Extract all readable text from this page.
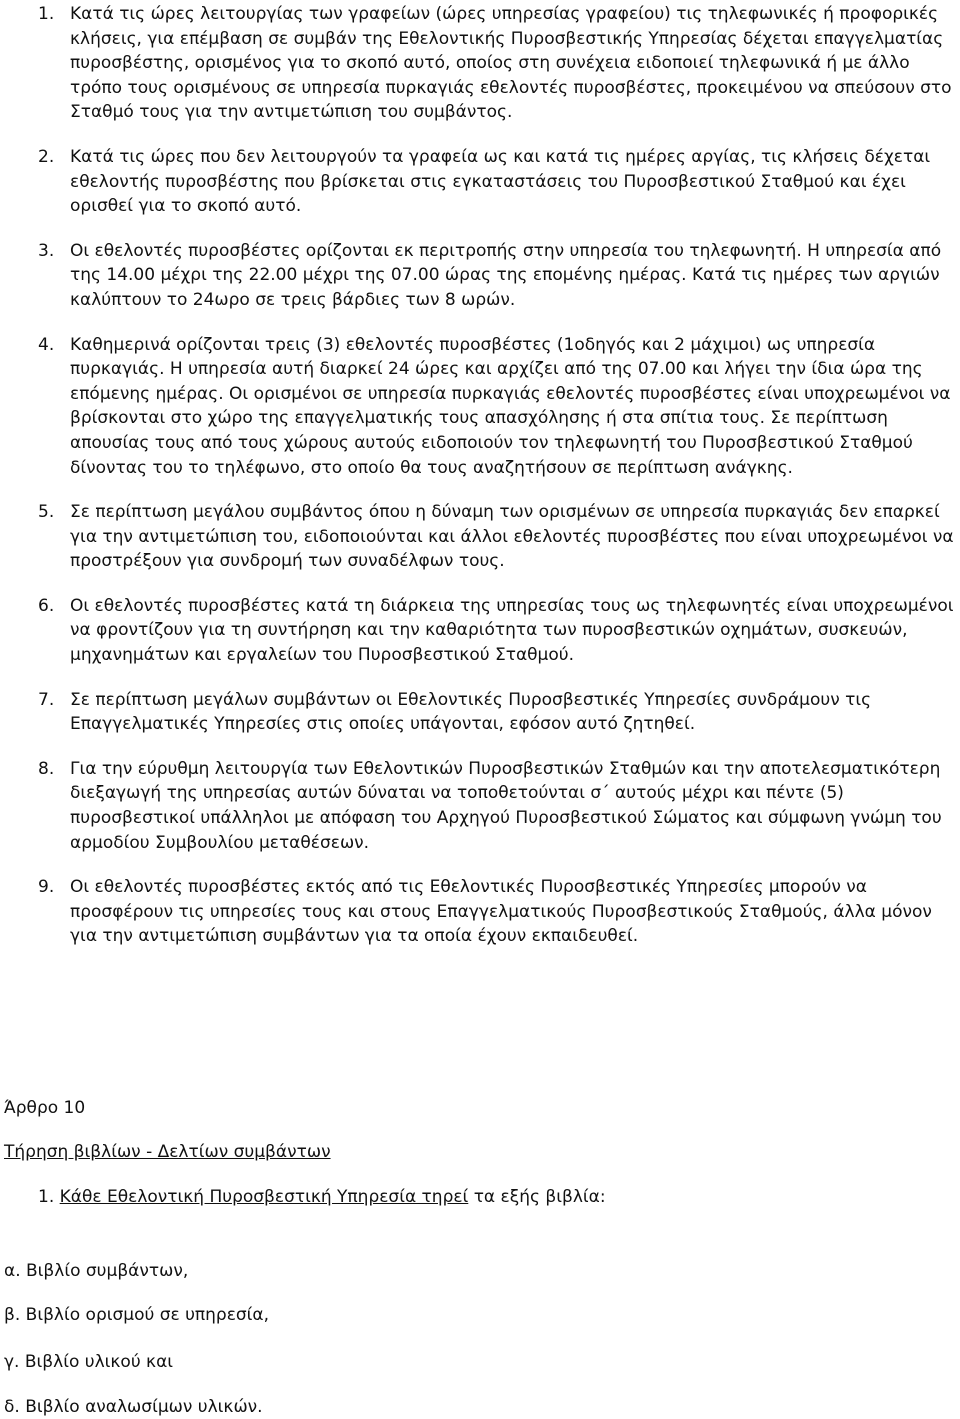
1. Κατά τις ώρες λειτουργίας των γραφείων (ώρες υπηρεσίας γραφείου) τις τηλεφωνικές ή προφορικές κλήσεις, για επέμβαση σε συμβάν της Εθελοντικής Πυροσβεστικής Υπηρεσίας δέχεται επαγγελματίας πυροσβέστης, ορισμένος για το σκοπό αυτό, οποίος στη συνέχεια ειδοποιεί τηλεφωνικά ή με άλλο τρόπο τους ορισμένους σε υπηρεσία πυρκαγιάς εθελοντές πυροσβέστες, προκειμένου να σπεύσουν στο Σταθμό τους για την αντιμετώπιση του συμβάντος.
2. Κατά τις ώρες που δεν λειτουργούν τα γραφεία ως και κατά τις ημέρες αργίας, τις κλήσεις δέχεται εθελοντής πυροσβέστης που βρίσκεται στις εγκαταστάσεις του Πυροσβεστικού Σταθμού και έχει ορισθεί για το σκοπό αυτό.
3. Οι εθελοντές πυροσβέστες ορίζονται εκ περιτροπής στην υπηρεσία του τηλεφωνητή. Η υπηρεσία από της 14.00 μέχρι της 22.00 μέχρι της 07.00 ώρας της επομένης ημέρας. Κατά τις ημέρες των αργιών καλύπτουν το 24ωρο σε τρεις βάρδιες των 8 ωρών.
4. Καθημερινά ορίζονται τρεις (3) εθελοντές πυροσβέστες (1οδηγός και 2 μάχιμοι) ως υπηρεσία πυρκαγιάς. Η υπηρεσία αυτή διαρκεί 24 ώρες και αρχίζει από της 07.00 και λήγει την ίδια ώρα της επόμενης ημέρας. Οι ορισμένοι σε υπηρεσία πυρκαγιάς εθελοντές πυροσβέστες είναι υποχρεωμένοι να βρίσκονται στο χώρο της επαγγελματικής τους απασχόλησης ή στα σπίτια τους. Σε περίπτωση απουσίας τους από τους χώρους αυτούς ειδοποιούν τον τηλεφωνητή του Πυροσβεστικού Σταθμού δίνοντας του το τηλέφωνο, στο οποίο θα τους αναζητήσουν σε περίπτωση ανάγκης.
5. Σε περίπτωση μεγάλου συμβάντος όπου η δύναμη των ορισμένων σε υπηρεσία πυρκαγιάς δεν επαρκεί για την αντιμετώπιση του, ειδοποιούνται και άλλοι εθελοντές πυροσβέστες που είναι υποχρεωμένοι να προστρέξουν για συνδρομή των συναδέλφων τους.
6. Οι εθελοντές πυροσβέστες κατά τη διάρκεια της υπηρεσίας τους ως τηλεφωνητές είναι υποχρεωμένοι να φροντίζουν για τη συντήρηση και την καθαριότητα των πυροσβεστικών οχημάτων, συσκευών, μηχανημάτων και εργαλείων του Πυροσβεστικού Σταθμού.
7. Σε περίπτωση μεγάλων συμβάντων οι Εθελοντικές Πυροσβεστικές Υπηρεσίες συνδράμουν τις Επαγγελματικές Υπηρεσίες στις οποίες υπάγονται, εφόσον αυτό ζητηθεί.
8. Για την εύρυθμη λειτουργία των Εθελοντικών Πυροσβεστικών Σταθμών και την αποτελεσματικότερη διεξαγωγή της υπηρεσίας αυτών δύναται να τοποθετούνται σ΄ αυτούς μέχρι και πέντε (5) πυροσβεστικοί υπάλληλοι με απόφαση του Αρχηγού Πυροσβεστικού Σώματος και σύμφωνη γνώμη του αρμοδίου Συμβουλίου μεταθέσεων.
9. Οι εθελοντές πυροσβέστες εκτός από τις Εθελοντικές Πυροσβεστικές Υπηρεσίες μπορούν να προσφέρουν τις υπηρεσίες τους και στους Επαγγελματικούς Πυροσβεστικούς Σταθμούς, άλλα μόνον για την αντιμετώπιση συμβάντων για τα οποία έχουν εκπαιδευθεί.

Άρθρο 10

Τήρηση βιβλίων - Δελτίων συμβάντων

1. Κάθε Εθελοντική Πυροσβεστική Υπηρεσία τηρεί τα εξής βιβλία:

α. Βιβλίο συμβάντων,

β. Βιβλίο ορισμού σε υπηρεσία,

γ. Βιβλίο υλικού και

δ. Βιβλίο αναλωσίμων υλικών.
